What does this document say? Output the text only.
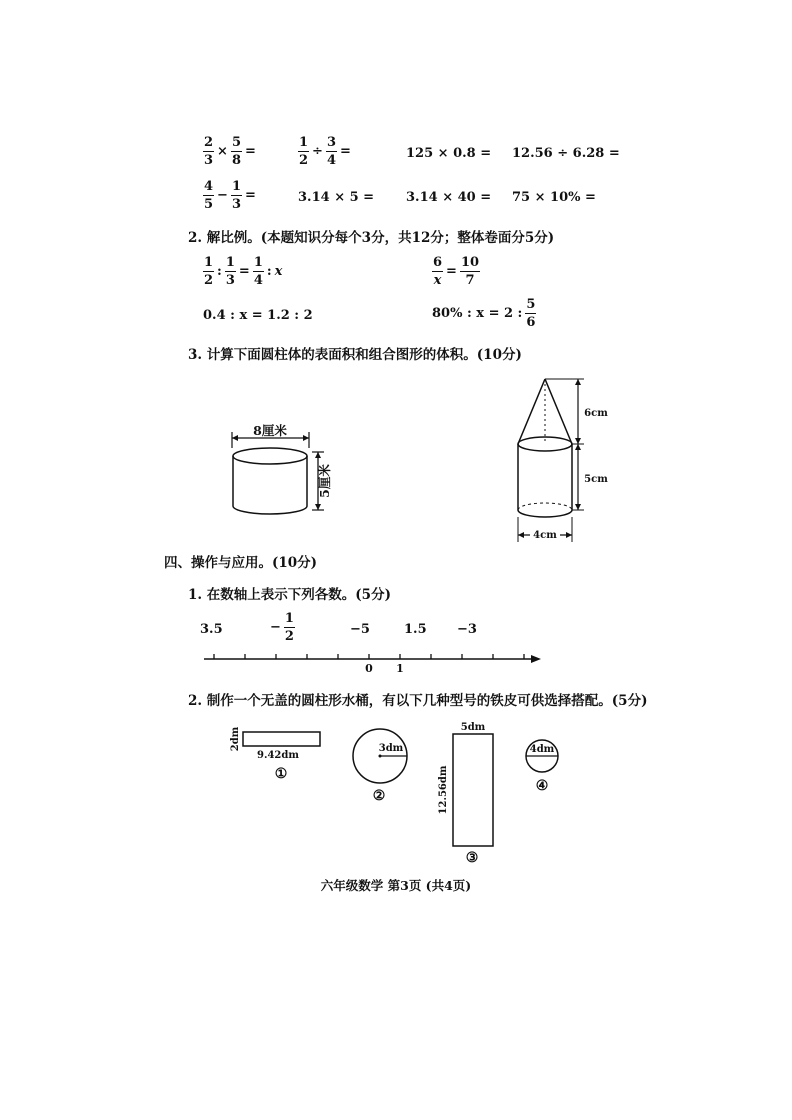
$\frac{2}{3} \times \frac{5}{8}$ =	$\frac{1}{2} \div \frac{3}{4}$ =	125 × 0.8 = 12.56 ÷ 6.28 =
$\frac{4}{5} - \frac{1}{3}$ =	3.14 × 5 = 3.14 × 40 = 75 × 10% =
2. 解比例。(本题知识分每个3分，共12分；整体卷面分5分)
$\frac{1}{2}$ : $\frac{1}{3} = \frac{1}{4}$ : x	$\frac{6}{x} = \frac{10}{7}$
0.4 : x = 1.2 : 2	80% : x = 2 : $\frac{5}{6}$
3. 计算下面圆柱体的表面积和组合图形的体积。(10分)
8厘米
5厘米
6cm
5cm
4cm
四、操作与应用。(10分)
1. 在数轴上表示下列各数。(5分)
3.5	− $\frac{1}{2}$	−5	1.5 −3
0 1
2. 制作一个无盖的圆柱形水桶，有以下几种型号的铁皮可供选择搭配。(5分)
2dm
9.42dm
①
3dm
②
5dm
12.56dm
③
4dm
④
六年级数学 第3页 (共4页)
